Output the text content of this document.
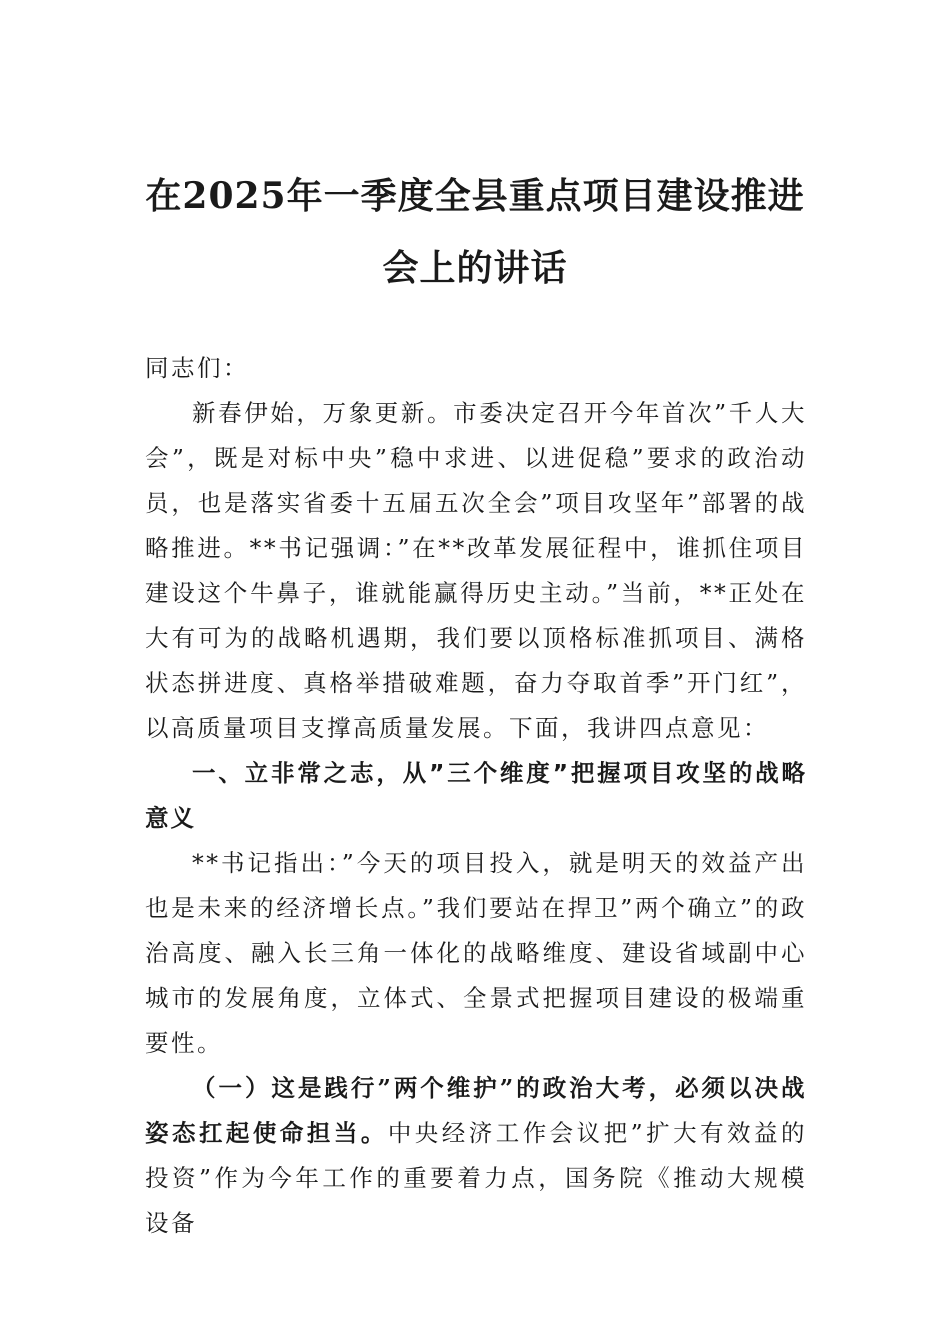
在2025年一季度全县重点项目建设推进会上的讲话

同志们：

新春伊始，万象更新。市委决定召开今年首次”千人大会”，既是对标中央”稳中求进、以进促稳”要求的政治动员，也是落实省委十五届五次全会”项目攻坚年”部署的战略推进。**书记强调：”在**改革发展征程中，谁抓住项目建设这个牛鼻子，谁就能赢得历史主动。”当前，**正处在大有可为的战略机遇期，我们要以顶格标准抓项目、满格状态拼进度、真格举措破难题，奋力夺取首季”开门红”，以高质量项目支撑高质量发展。下面，我讲四点意见：

一、立非常之志，从”三个维度”把握项目攻坚的战略意义

**书记指出：”今天的项目投入，就是明天的效益产出也是未来的经济增长点。”我们要站在捍卫”两个确立”的政治高度、融入长三角一体化的战略维度、建设省域副中心城市的发展角度，立体式、全景式把握项目建设的极端重要性。

（一）这是践行”两个维护”的政治大考，必须以决战姿态扛起使命担当。中央经济工作会议把”扩大有效益的投资”作为今年工作的重要着力点，国务院《推动大规模设备
